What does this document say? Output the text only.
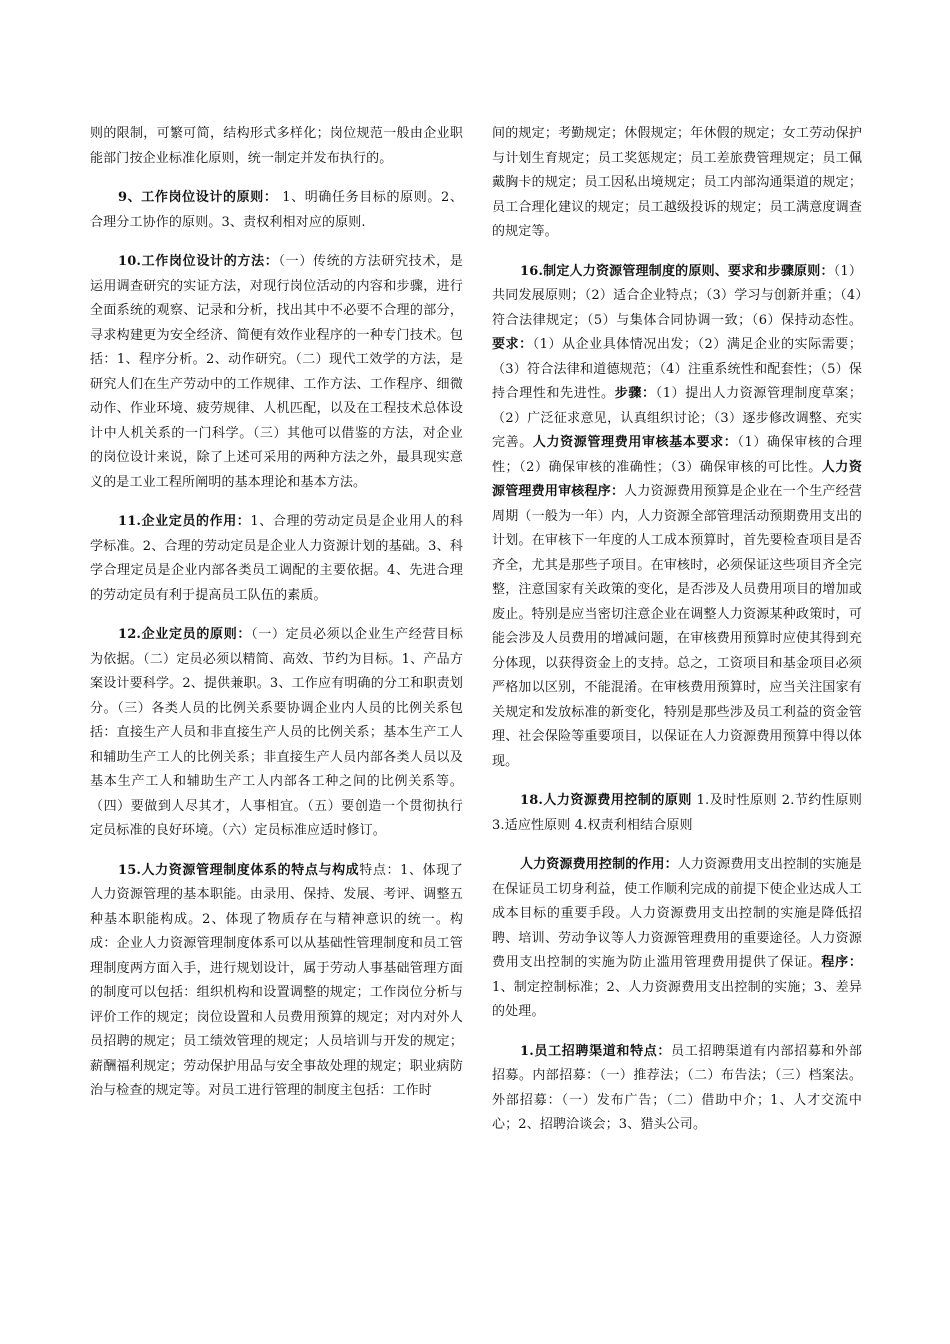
则的限制，可繁可简，结构形式多样化；岗位规范一般由企业职能部门按企业标准化原则，统一制定并发布执行的。

9、工作岗位设计的原则： 1、明确任务目标的原则。2、合理分工协作的原则。3、责权利相对应的原则.

10.工作岗位设计的方法：（一）传统的方法研究技术，是运用调查研究的实证方法，对现行岗位活动的内容和步骤，进行全面系统的观察、记录和分析，找出其中不必要不合理的部分，寻求构建更为安全经济、简便有效作业程序的一种专门技术。包括：1、程序分析。2、动作研究。（二）现代工效学的方法，是研究人们在生产劳动中的工作规律、工作方法、工作程序、细微动作、作业环境、疲劳规律、人机匹配，以及在工程技术总体设计中人机关系的一门科学。（三）其他可以借鉴的方法，对企业的岗位设计来说，除了上述可采用的两种方法之外，最具现实意义的是工业工程所阐明的基本理论和基本方法。

11.企业定员的作用：1、合理的劳动定员是企业用人的科学标准。2、合理的劳动定员是企业人力资源计划的基础。3、科学合理定员是企业内部各类员工调配的主要依据。4、先进合理的劳动定员有利于提高员工队伍的素质。

12.企业定员的原则：（一）定员必须以企业生产经营目标为依据。（二）定员必须以精简、高效、节约为目标。1、产品方案设计要科学。2、提供兼职。3、工作应有明确的分工和职责划分。（三）各类人员的比例关系要协调企业内人员的比例关系包括：直接生产人员和非直接生产人员的比例关系；基本生产工人和辅助生产工人的比例关系；非直接生产人员内部各类人员以及基本生产工人和辅助生产工人内部各工种之间的比例关系等。（四）要做到人尽其才，人事相宜。（五）要创造一个贯彻执行定员标准的良好环境。（六）定员标准应适时修订。

15.人力资源管理制度体系的特点与构成特点：1、体现了人力资源管理的基本职能。由录用、保持、发展、考评、调整五种基本职能构成。2、体现了物质存在与精神意识的统一。构成：企业人力资源管理制度体系可以从基础性管理制度和员工管理制度两方面入手，进行规划设计，属于劳动人事基础管理方面的制度可以包括：组织机构和设置调整的规定；工作岗位分析与评价工作的规定；岗位设置和人员费用预算的规定；对内对外人员招聘的规定；员工绩效管理的规定；人员培训与开发的规定；薪酬福利规定；劳动保护用品与安全事故处理的规定；职业病防治与检查的规定等。对员工进行管理的制度主包括：工作时

间的规定；考勤规定；休假规定；年休假的规定；女工劳动保护与计划生育规定；员工奖惩规定；员工差旅费管理规定；员工佩戴胸卡的规定；员工因私出境规定；员工内部沟通渠道的规定；员工合理化建议的规定；员工越级投诉的规定；员工满意度调查的规定等。

16.制定人力资源管理制度的原则、要求和步骤原则：（1）共同发展原则；（2）适合企业特点；（3）学习与创新并重；（4）符合法律规定；（5）与集体合同协调一致；（6）保持动态性。要求：（1）从企业具体情况出发；（2）满足企业的实际需要；（3）符合法律和道德规范；（4）注重系统性和配套性；（5）保持合理性和先进性。步骤：（1）提出人力资源管理制度草案；（2）广泛征求意见，认真组织讨论；（3）逐步修改调整、充实完善。人力资源管理费用审核基本要求：（1）确保审核的合理性；（2）确保审核的准确性；（3）确保审核的可比性。人力资源管理费用审核程序：人力资源费用预算是企业在一个生产经营周期（一般为一年）内，人力资源全部管理活动预期费用支出的计划。在审核下一年度的人工成本预算时，首先要检查项目是否齐全，尤其是那些子项目。在审核时，必须保证这些项目齐全完整，注意国家有关政策的变化，是否涉及人员费用项目的增加或废止。特别是应当密切注意企业在调整人力资源某种政策时，可能会涉及人员费用的增减问题，在审核费用预算时应使其得到充分体现，以获得资金上的支持。总之，工资项目和基金项目必须严格加以区别，不能混淆。在审核费用预算时，应当关注国家有关规定和发放标准的新变化，特别是那些涉及员工利益的资金管理、社会保险等重要项目，以保证在人力资源费用预算中得以体现。

18.人力资源费用控制的原则 1.及时性原则 2.节约性原则 3.适应性原则 4.权责利相结合原则

人力资源费用控制的作用：人力资源费用支出控制的实施是在保证员工切身利益，使工作顺利完成的前提下使企业达成人工成本目标的重要手段。人力资源费用支出控制的实施是降低招聘、培训、劳动争议等人力资源管理费用的重要途径。人力资源费用支出控制的实施为防止滥用管理费用提供了保证。程序：1、制定控制标准；2、人力资源费用支出控制的实施；3、差异的处理。

1.员工招聘渠道和特点：员工招聘渠道有内部招募和外部招募。内部招募：（一）推荐法；（二）布告法；（三）档案法。外部招募：（一）发布广告；（二）借助中介；1、人才交流中心；2、招聘洽谈会；3、猎头公司。
